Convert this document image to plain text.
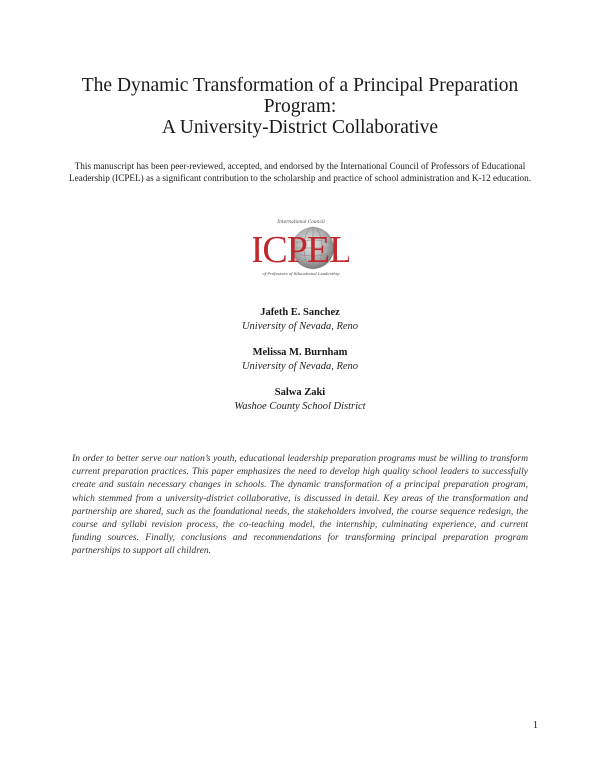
The Dynamic Transformation of a Principal Preparation
Program:
A University-District Collaborative
This manuscript has been peer-reviewed, accepted, and endorsed by the International Council of Professors of Educational Leadership (ICPEL) as a significant contribution to the scholarship and practice of school administration and K-12 education.
International Council
ICPEL
of Professors of Educational Leadership
Jafeth E. Sanchez
University of Nevada, Reno
Melissa M. Burnham
University of Nevada, Reno
Salwa Zaki
Washoe County School District
In order to better serve our nation’s youth, educational leadership preparation programs must be willing to transform current preparation practices. This paper emphasizes the need to develop high quality school leaders to successfully create and sustain necessary changes in schools. The dynamic transformation of a principal preparation program, which stemmed from a university-district collaborative, is discussed in detail. Key areas of the transformation and partnership are shared, such as the foundational needs, the stakeholders involved, the course sequence redesign, the course and syllabi revision process, the co-teaching model, the internship, culminating experience, and current funding sources. Finally, conclusions and recommendations for transforming principal preparation program partnerships to support all children.
1
